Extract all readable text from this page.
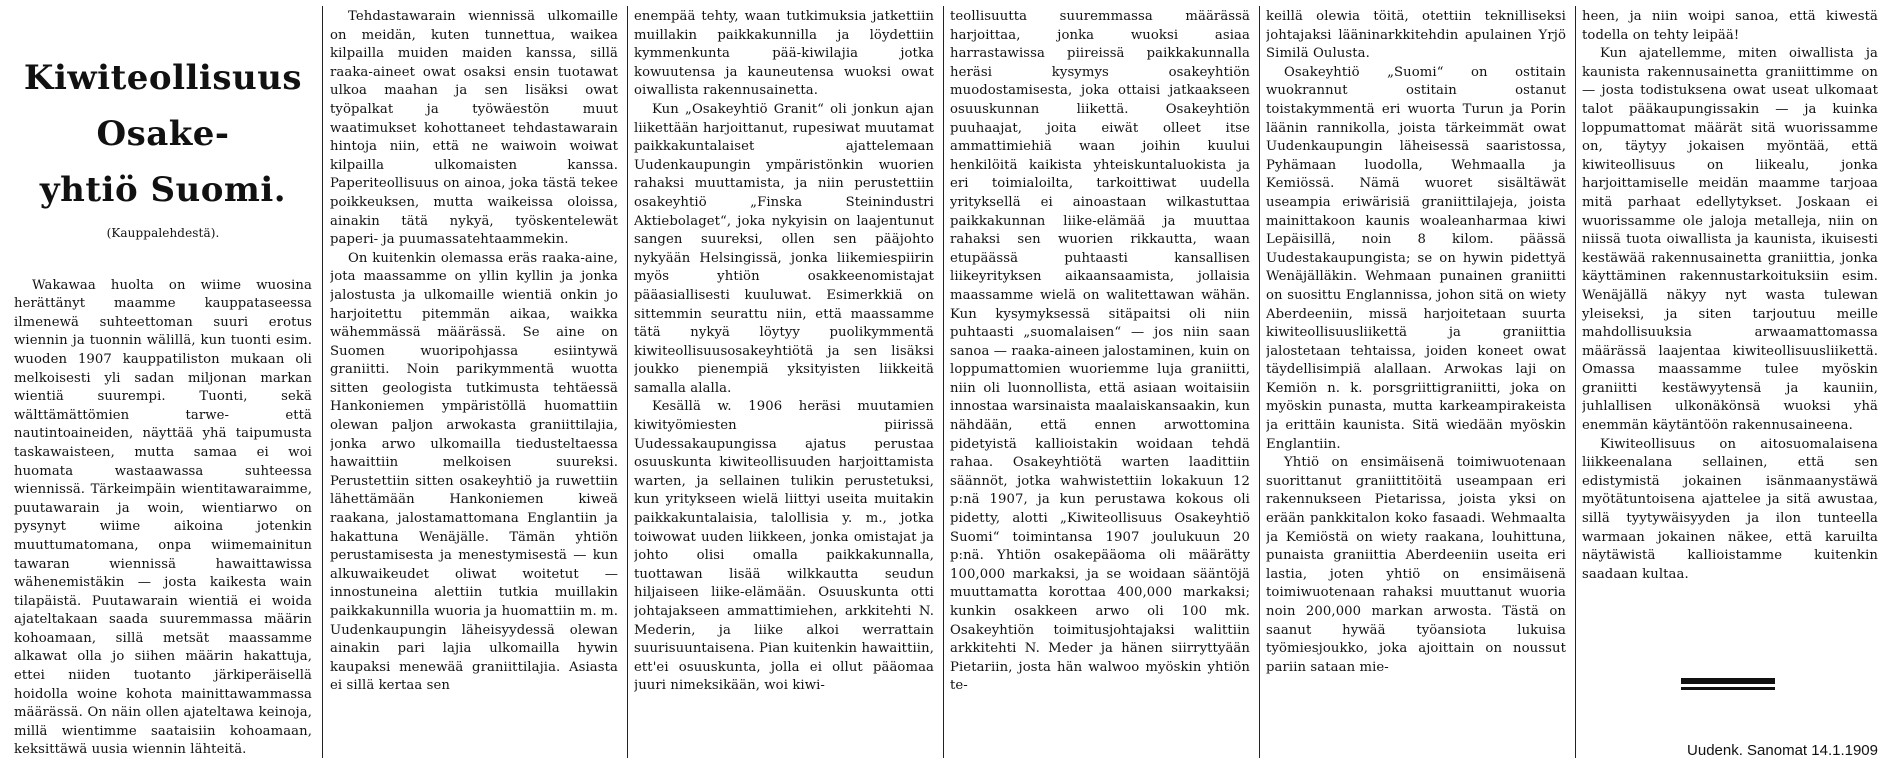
Kiwiteollisuus Osake-
yhtiö Suomi.
(Kauppalehdestä).

Wakawaa huolta on wiime wuosina herättänyt maamme kauppataseessa ilmenewä suhteettoman suuri erotus wiennin ja tuonnin wälillä, kun tuonti esim. wuoden 1907 kauppatiliston mukaan oli melkoisesti yli sadan miljonan markan wientiä suurempi. Tuonti, sekä wälttämättömien tarwe- että nautintoaineiden, näyttää yhä taipumusta taskawaisteen, mutta samaa ei woi huomata wastaawassa suhteessa wiennissä. Tärkeimpäin wientitawaraimme, puutawarain ja woin, wientiarwo on pysynyt wiime aikoina jotenkin muuttumatomana, onpa wiimemainitun tawaran wiennissä hawaittawissa wähenemistäkin — josta kaikesta wain tilapäistä. Puutawarain wientiä ei woida ajateltakaan saada suuremmassa määrin kohoamaan, sillä metsät maassamme alkawat olla jo siihen määrin hakattuja, ettei niiden tuotanto järkiperäisellä hoidolla woine kohota mainittawammassa määrässä. On näin ollen ajateltawa keinoja, millä wientimme saataisiin kohoamaan, keksittäwä uusia wiennin lähteitä.

Tehdastawarain wiennissä ulkomaille on meidän, kuten tunnettua, waikea kilpailla muiden maiden kanssa, sillä raaka-aineet owat osaksi ensin tuotawat ulkoa maahan ja sen lisäksi owat työpalkat ja työwäestön muut waatimukset kohottaneet tehdastawarain hintoja niin, että ne waiwoin woiwat kilpailla ulkomaisten kanssa. Paperiteollisuus on ainoa, joka tästä tekee poikkeuksen, mutta waikeissa oloissa, ainakin tätä nykyä, työskentelewät paperi- ja puumassatehtaammekin.

On kuitenkin olemassa eräs raaka-aine, jota maassamme on yllin kyllin ja jonka jalostusta ja ulkomaille wientiä onkin jo harjoitettu pitemmän aikaa, waikka wähemmässä määrässä. Se aine on Suomen wuoripohjassa esiintywä graniitti. Noin parikymmentä wuotta sitten geologista tutkimusta tehtäessä Hankoniemen ympäristöllä huomattiin olewan paljon arwokasta graniittilajia, jonka arwo ulkomailla tiedusteltaessa hawaittiin melkoisen suureksi. Perustettiin sitten osakeyhtiö ja ruwettiin lähettämään Hankoniemen kiweä raakana, jalostamattomana Englantiin ja hakattuna Wenäjälle. Tämän yhtiön perustamisesta ja menestymisestä — kun alkuwaikeudet oliwat woitetut — innostuneina alettiin tutkia muillakin paikkakunnilla wuoria ja huomattiin m. m. Uudenkaupungin läheisyydessä olewan ainakin pari lajia ulkomailla hywin kaupaksi menewää graniittilajia. Asiasta ei sillä kertaa sen

enempää tehty, waan tutkimuksia jatkettiin muillakin paikkakunnilla ja löydettiin kymmenkunta pää-kiwilajia jotka kowuutensa ja kauneutensa wuoksi owat oiwallista rakennusainetta.

Kun „Osakeyhtiö Granit“ oli jonkun ajan liikettään harjoittanut, rupesiwat muutamat paikkakuntalaiset ajattelemaan Uudenkaupungin ympäristönkin wuorien rahaksi muuttamista, ja niin perustettiin osakeyhtiö „Finska Steinindustri Aktiebolaget“, joka nykyisin on laajentunut sangen suureksi, ollen sen pääjohto nykyään Helsingissä, jonka liikemiespiirin myös yhtiön osakkeenomistajat pääasiallisesti kuuluwat. Esimerkkiä on sittemmin seurattu niin, että maassamme tätä nykyä löytyy puolikymmentä kiwiteollisuusosakeyhtiötä ja sen lisäksi joukko pienempiä yksityisten liikkeitä samalla alalla.

Kesällä w. 1906 heräsi muutamien kiwityömiesten piirissä Uudessakaupungissa ajatus perustaa osuuskunta kiwiteollisuuden harjoittamista warten, ja sellainen tulikin perustetuksi, kun yritykseen wielä liittyi useita muitakin paikkakuntalaisia, talollisia y. m., jotka toiwowat uuden liikkeen, jonka omistajat ja johto olisi omalla paikkakunnalla, tuottawan lisää wilkkautta seudun hiljaiseen liike-elämään. Osuuskunta otti johtajakseen ammattimiehen, arkkitehti N. Mederin, ja liike alkoi werrattain suurisuuntaisena. Pian kuitenkin hawaittiin, ett'ei osuuskunta, jolla ei ollut pääomaa juuri nimeksikään, woi kiwi-

teollisuutta suuremmassa määrässä harjoittaa, jonka wuoksi asiaa harrastawissa piireissä paikkakunnalla heräsi kysymys osakeyhtiön muodostamisesta, joka ottaisi jatkaakseen osuuskunnan liikettä. Osakeyhtiön puuhaajat, joita eiwät olleet itse ammattimiehiä waan joihin kuului henkilöitä kaikista yhteiskuntaluokista ja eri toimialoilta, tarkoittiwat uudella yrityksellä ei ainoastaan wilkastuttaa paikkakunnan liike-elämää ja muuttaa rahaksi sen wuorien rikkautta, waan etupäässä puhtaasti kansallisen liikeyrityksen aikaansaamista, jollaisia maassamme wielä on walitettawan wähän. Kun kysymyksessä sitäpaitsi oli niin puhtaasti „suomalaisen“ — jos niin saan sanoa — raaka-aineen jalostaminen, kuin on loppumattomien wuoriemme luja graniitti, niin oli luonnollista, että asiaan woitaisiin innostaa warsinaista maalaiskansaakin, kun nähdään, että ennen arwottomina pidetyistä kallioistakin woidaan tehdä rahaa. Osakeyhtiötä warten laadittiin säännöt, jotka wahwistettiin lokakuun 12 p:nä 1907, ja kun perustawa kokous oli pidetty, alotti „Kiwiteollisuus Osakeyhtiö Suomi“ toimintansa 1907 joulukuun 20 p:nä. Yhtiön osakepääoma oli määrätty 100,000 markaksi, ja se woidaan sääntöjä muuttamatta korottaa 400,000 markaksi; kunkin osakkeen arwo oli 100 mk. Osakeyhtiön toimitusjohtajaksi walittiin arkkitehti N. Meder ja hänen siirryttyään Pietariin, josta hän walwoo myöskin yhtiön te-

keillä olewia töitä, otettiin teknilliseksi johtajaksi lääninarkkitehdin apulainen Yrjö Similä Oulusta.

Osakeyhtiö „Suomi“ on ostitain wuokrannut ostitain ostanut toistakymmentä eri wuorta Turun ja Porin läänin rannikolla, joista tärkeimmät owat Uudenkaupungin läheisessä saaristossa, Pyhämaan luodolla, Wehmaalla ja Kemiössä. Nämä wuoret sisältäwät useampia eriwärisiä graniittilajeja, joista mainittakoon kaunis woaleanharmaa kiwi Lepäisillä, noin 8 kilom. päässä Uudestakaupungista; se on hywin pidettyä Wenäjälläkin. Wehmaan punainen graniitti on suosittu Englannissa, johon sitä on wiety Aberdeeniin, missä harjoitetaan suurta kiwiteollisuusliikettä ja graniittia jalostetaan tehtaissa, joiden koneet owat täydellisimpiä alallaan. Arwokas laji on Kemiön n. k. porsgriittigraniitti, joka on myöskin punasta, mutta karkeampirakeista ja erittäin kaunista. Sitä wiedään myöskin Englantiin.

Yhtiö on ensimäisenä toimiwuotenaan suorittanut graniittitöitä useampaan eri rakennukseen Pietarissa, joista yksi on erään pankkitalon koko fasaadi. Wehmaalta ja Kemiöstä on wiety raakana, louhittuna, punaista graniittia Aberdeeniin useita eri lastia, joten yhtiö on ensimäisenä toimiwuotenaan rahaksi muuttanut wuoria noin 200,000 markan arwosta. Tästä on saanut hywää työansiota lukuisa työmiesjoukko, joka ajoittain on noussut pariin sataan mie-

heen, ja niin woipi sanoa, että kiwestä todella on tehty leipää!

Kun ajatellemme, miten oiwallista ja kaunista rakennusainetta graniittimme on — josta todistuksena owat useat ulkomaat talot pääkaupungissakin — ja kuinka loppumattomat määrät sitä wuorissamme on, täytyy jokaisen myöntää, että kiwiteollisuus on liikealu, jonka harjoittamiselle meidän maamme tarjoaa mitä parhaat edellytykset. Joskaan ei wuorissamme ole jaloja metalleja, niin on niissä tuota oiwallista ja kaunista, ikuisesti kestäwää rakennusainetta graniittia, jonka käyttäminen rakennustarkoituksiin esim. Wenäjällä näkyy nyt wasta tulewan yleiseksi, ja siten tarjoutuu meille mahdollisuuksia arwaamattomassa määrässä laajentaa kiwiteollisuusliikettä. Omassa maassamme tulee myöskin graniitti kestäwyytensä ja kauniin, juhlallisen ulkonäkönsä wuoksi yhä enemmän käytäntöön rakennusaineena.

Kiwiteollisuus on aitosuomalaisena liikkeenalana sellainen, että sen edistymistä jokainen isänmaanystäwä myötätuntoisena ajattelee ja sitä awustaa, sillä tyytywäisyyden ja ilon tunteella warmaan jokainen näkee, että karuilta näytäwistä kallioistamme kuitenkin saadaan kultaa.

Uudenk. Sanomat 14.1.1909
